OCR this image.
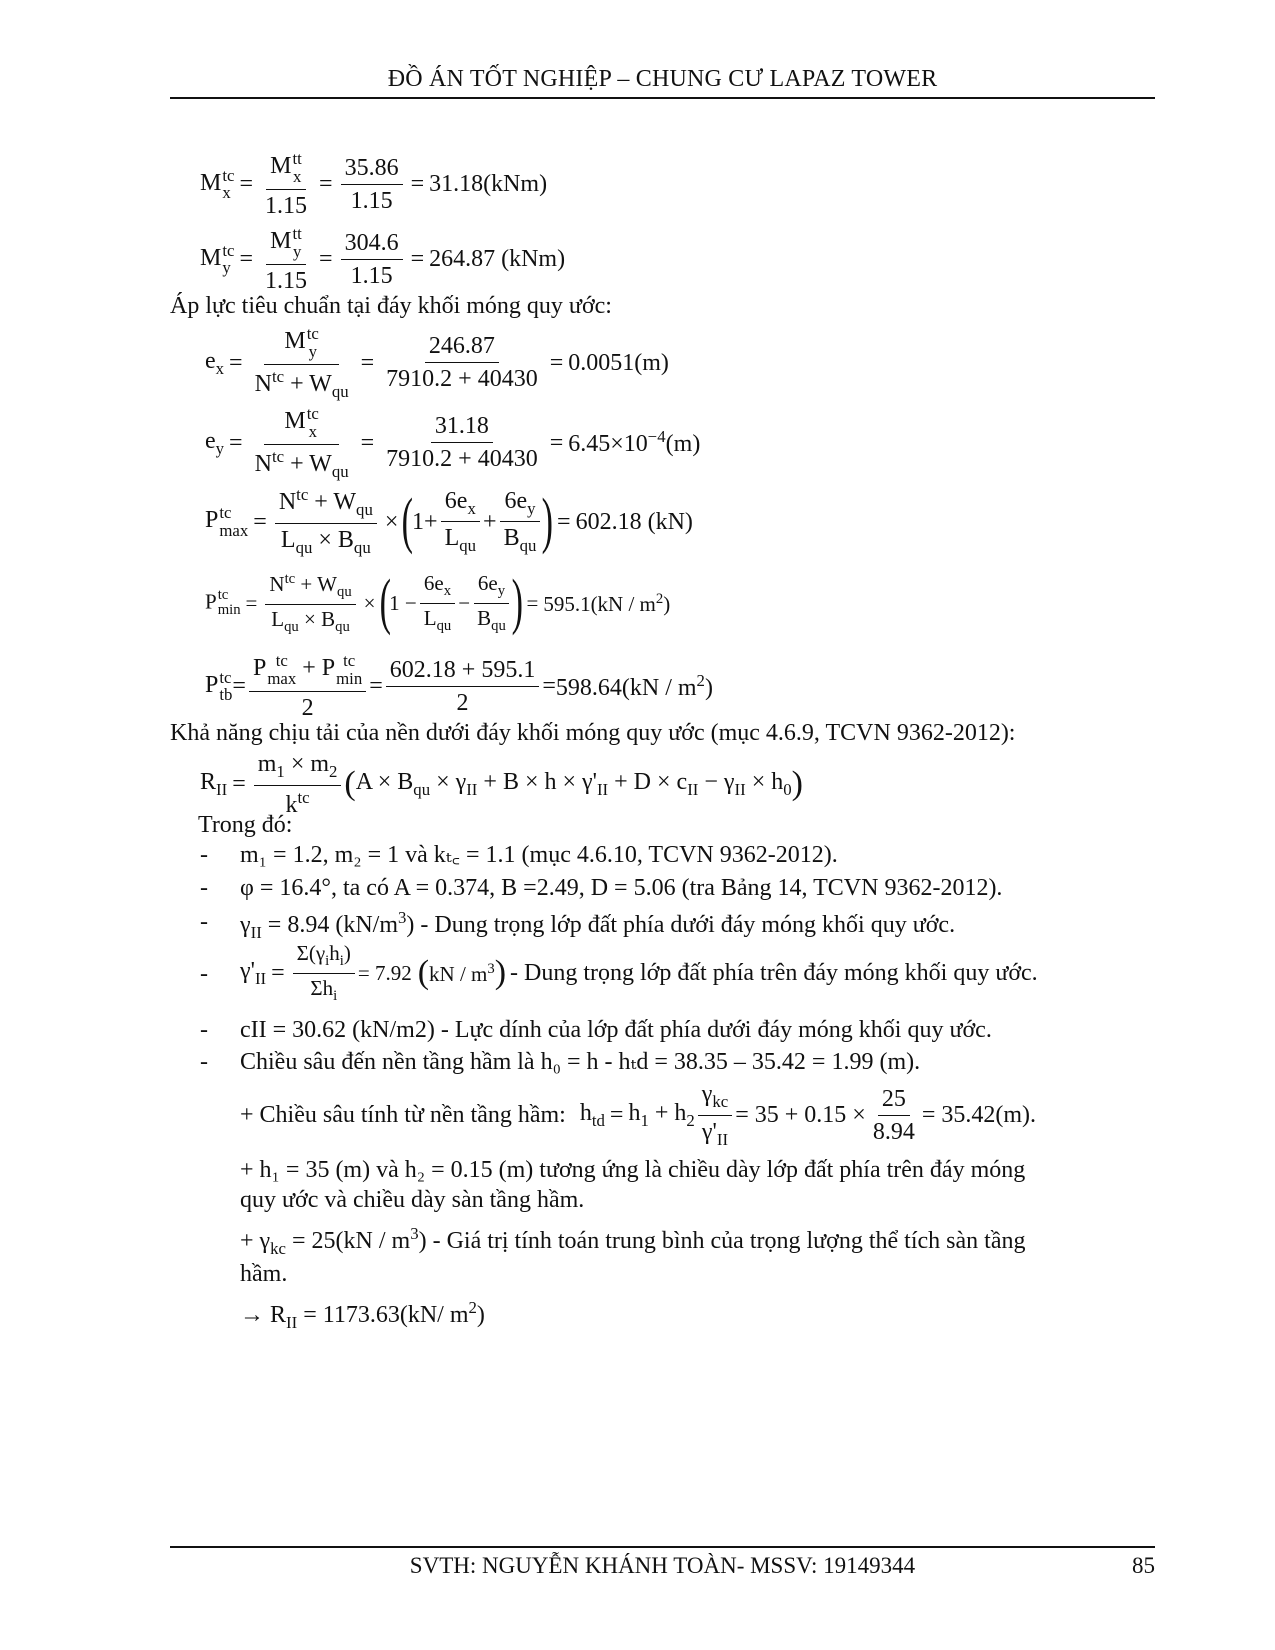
ĐỒ ÁN TỐT NGHIỆP – CHUNG CƯ LAPAZ TOWER
M tc
x =
M tt
x
1.15
= $\frac{35.86}{1.15} = 31.18(kNm)$
M tc
y =
M tt
y
1.15
= $\frac{304.6}{1.15} = 264.87$ (kNm)
Áp lực tiêu chuẩn tại đáy khối móng quy ước:
$e_x$ =
M tc
y
$N^{tc} + W_{qu}$
= $\frac{246.87}{7910.2 + 40430} = 0.0051(m)$
$e_y$ =
M tc
x
$N^{tc} + W_{qu}$
= $\frac{31.18}{7910.2 + 40430} = 6.45\times 10^{-4}(m)$
P tc
max =
$N^{tc} + W_{qu}$
$L_{qu} \times B_{qu}$
× (
1+
$6e_x$
$L_{qu}$
+
$6e_y$
$B_{qu}$ ) = 602.18 (kN)
P tc
min =
$N^{tc} + W_{qu}$
$L_{qu} \times B_{qu}$
× (
1 −
$6e_x$
$L_{qu}$
−
$6e_y$
$B_{qu}$ ) = $595.1(kN / m^2)$
P tc
tb =
P tc
max + P tc
min
2
= $\frac{602.18 + 595.1}{2} = 598.64(kN / m^2)$
Khả năng chịu tải của nền dưới đáy khối móng quy ước (mục 4.6.9, TCVN 9362-2012):
$R_{II}$ =
$m_1 \times m_2$
$k^{tc}$ ( $A \times B_{qu} \times \gamma_{II} + B \times h \times \gamma'_{II} + D \times c_{II} - \gamma_{II} \times h_0$ )
Trong đó:
- m₁ = 1.2, m₂ = 1 và kₜ꜀ = 1.1 (mục 4.6.10, TCVN 9362-2012).
- φ = 16.4°, ta có A = 0.374, B =2.49, D = 5.06 (tra Bảng 14, TCVN 9362-2012).
- $\gamma_{II} = 8.94$ $(kN/m^3)$ - Dung trọng lớp đất phía dưới đáy móng khối quy ước.
- $\gamma'_{II}$ =
$\Sigma(\gamma_ih_i)$
$\Sigma h_i$
= 7.92 ( kN / $m^3$ ) - Dung trọng lớp đất phía trên đáy móng khối quy ước.
- cII = 30.62 (kN/m2) - Lực dính của lớp đất phía dưới đáy móng khối quy ước.
- Chiều sâu đến nền tầng hầm là h₀ = h - hₜd = 38.35 – 35.42 = 1.99 (m).
+ Chiều sâu tính từ nền tầng hầm: $h_{td} = h_1 + h_2$
$\gamma_{kc}$
$\gamma'_{II}$
= $35 + 0.15 \times \frac{25}{8.94} = 35.42(m)$.
+ h₁ = 35 (m) và h₂ = 0.15 (m) tương ứng là chiều dày lớp đất phía trên đáy móng
quy ước và chiều dày sàn tầng hầm.
+ $\gamma_{kc} = 25(kN / m^3)$ - Giá trị tính toán trung bình của trọng lượng thể tích sàn tầng
hầm.
→ $R_{II} = 1173.63(kN/$ $m^2$)
SVTH: NGUYỄN KHÁNH TOÀN- MSSV: 19149344	85
